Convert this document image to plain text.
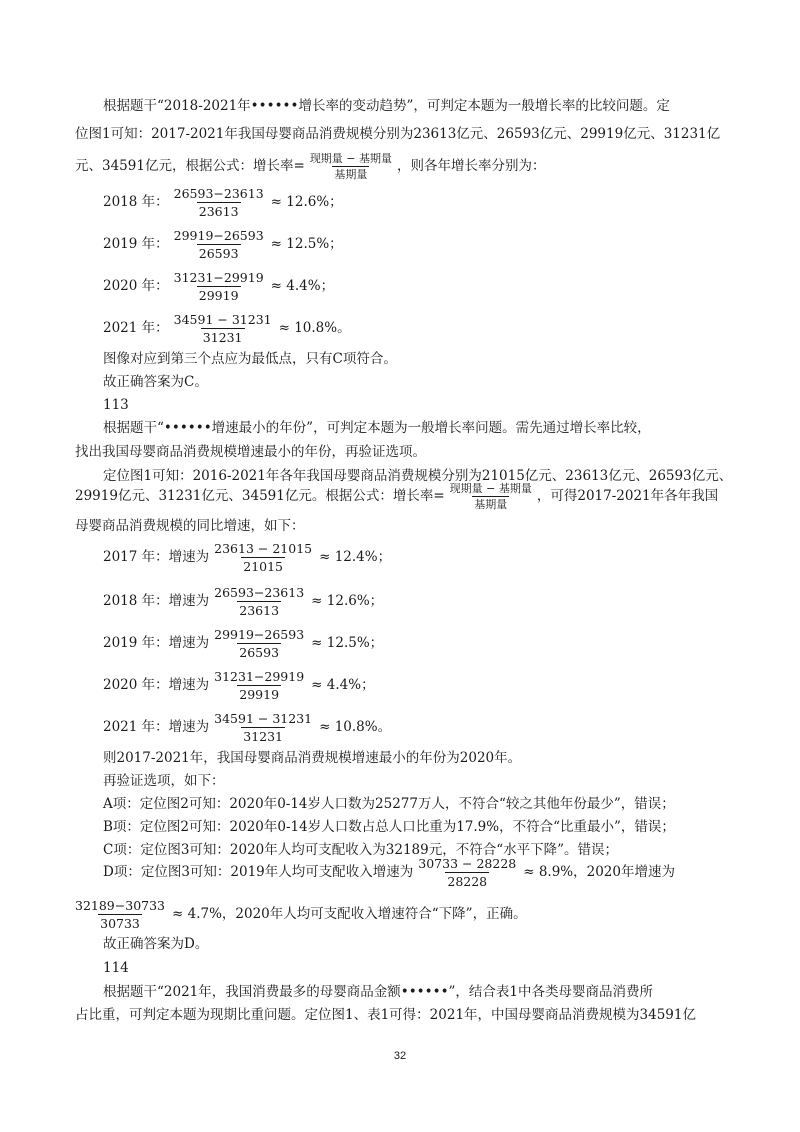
根据题干“2018-2021年••••••增长率的变动趋势”，可判定本题为一般增长率的比较问题。定
位图1可知：2017-2021年我国母婴商品消费规模分别为23613亿元、26593亿元、29919亿元、31231亿
元、34591亿元，根据公式：增长率= $\frac{\text{现期量 − 基期量}}{\text{基期量}}$ ，则各年增长率分别为：
2018 年： $\frac{26593-23613}{23613} \approx 12.6\%$；
2019 年： $\frac{29919-26593}{26593} \approx 12.5\%$；
2020 年： $\frac{31231-29919}{29919} \approx 4.4\%$；
2021 年： $\frac{34591 - 31231}{31231} \approx 10.8\%$。
图像对应到第三个点应为最低点，只有C项符合。
故正确答案为C。
113
根据题干“••••••增速最小的年份”，可判定本题为一般增长率问题。需先通过增长率比较，
找出我国母婴商品消费规模增速最小的年份，再验证选项。
定位图1可知：2016-2021年各年我国母婴商品消费规模分别为21015亿元、23613亿元、26593亿元、
29919亿元、31231亿元、34591亿元。根据公式：增长率= $\frac{\text{现期量 − 基期量}}{\text{基期量}}$ ，可得2017-2021年各年我国
母婴商品消费规模的同比增速，如下：
2017 年：增速为 $\frac{23613 - 21015}{21015} \approx 12.4\%$；
2018 年：增速为 $\frac{26593-23613}{23613} \approx 12.6\%$；
2019 年：增速为 $\frac{29919-26593}{26593} \approx 12.5\%$；
2020 年：增速为 $\frac{31231-29919}{29919} \approx 4.4\%$；
2021 年：增速为 $\frac{34591 - 31231}{31231} \approx 10.8\%$。
则2017-2021年，我国母婴商品消费规模增速最小的年份为2020年。
再验证选项，如下：
A项：定位图2可知：2020年0-14岁人口数为25277万人，不符合“较之其他年份最少”，错误；
B项：定位图2可知：2020年0-14岁人口数占总人口比重为17.9%，不符合“比重最小”，错误；
C项：定位图3可知：2020年人均可支配收入为32189元，不符合“水平下降”。错误；
D项：定位图3可知：2019年人均可支配收入增速为 $\frac{30733 - 28228}{28228} \approx 8.9\%$，2020年增速为
$\frac{32189-30733}{30733} \approx 4.7\%$，2020年人均可支配收入增速符合“下降”，正确。
故正确答案为D。
114
根据题干“2021年，我国消费最多的母婴商品金额••••••”，结合表1中各类母婴商品消费所
占比重，可判定本题为现期比重问题。定位图1、表1可得：2021年，中国母婴商品消费规模为34591亿
32
